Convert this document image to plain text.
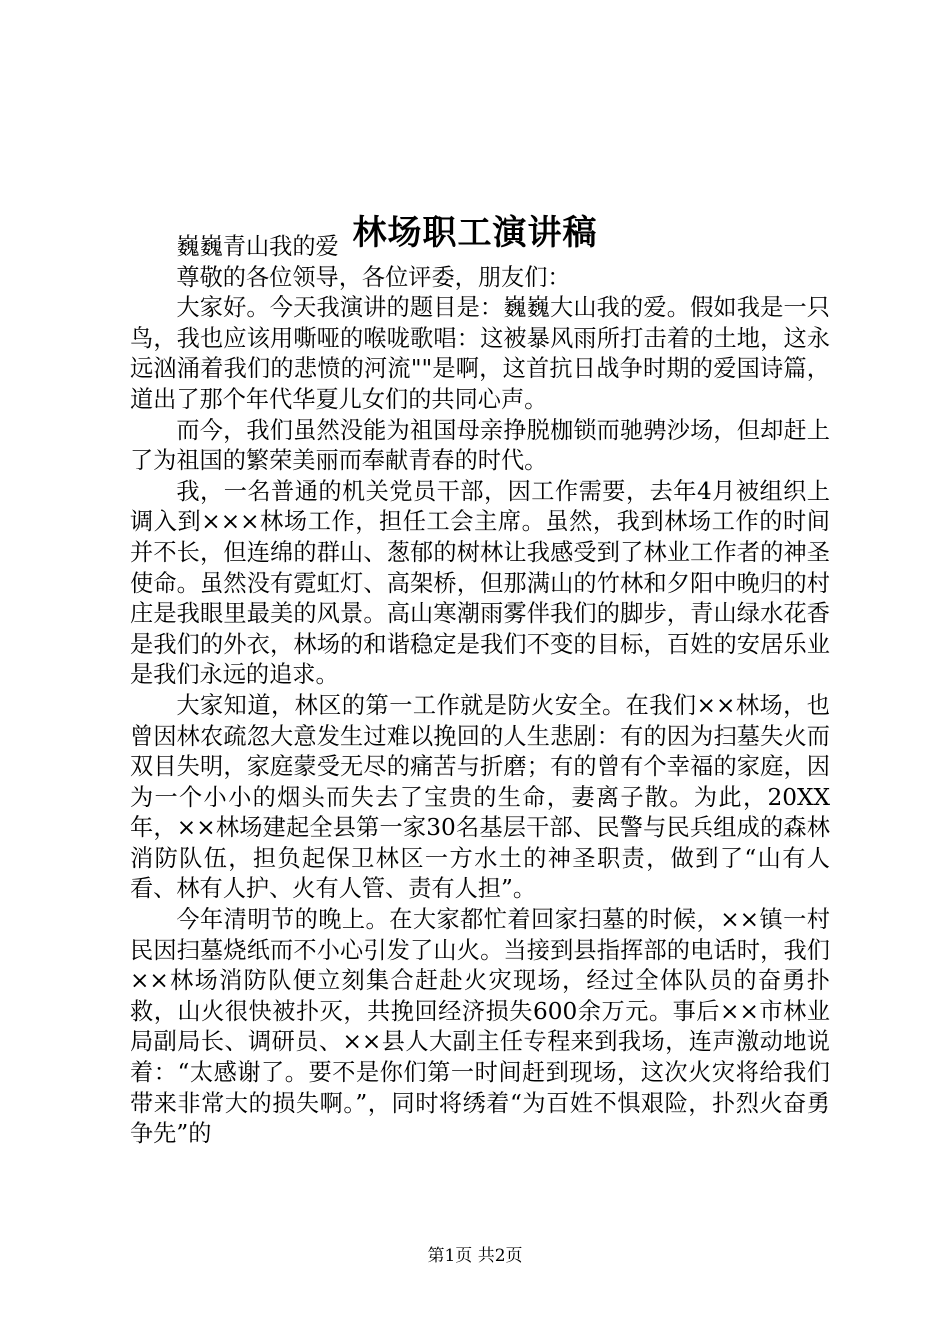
林场职工演讲稿

巍巍青山我的爱

尊敬的各位领导，各位评委，朋友们：

大家好。今天我演讲的题目是：巍巍大山我的爱。假如我是一只鸟，我也应该用嘶哑的喉咙歌唱：这被暴风雨所打击着的土地，这永远汹涌着我们的悲愤的河流""是啊，这首抗日战争时期的爱国诗篇，道出了那个年代华夏儿女们的共同心声。

而今，我们虽然没能为祖国母亲挣脱枷锁而驰骋沙场，但却赶上了为祖国的繁荣美丽而奉献青春的时代。

我，一名普通的机关党员干部，因工作需要，去年4月被组织上调入到×××林场工作，担任工会主席。虽然，我到林场工作的时间并不长，但连绵的群山、葱郁的树林让我感受到了林业工作者的神圣使命。虽然没有霓虹灯、高架桥，但那满山的竹林和夕阳中晚归的村庄是我眼里最美的风景。高山寒潮雨雾伴我们的脚步，青山绿水花香是我们的外衣，林场的和谐稳定是我们不变的目标，百姓的安居乐业是我们永远的追求。

大家知道，林区的第一工作就是防火安全。在我们××林场，也曾因林农疏忽大意发生过难以挽回的人生悲剧：有的因为扫墓失火而双目失明，家庭蒙受无尽的痛苦与折磨；有的曾有个幸福的家庭，因为一个小小的烟头而失去了宝贵的生命，妻离子散。为此，20XX年，××林场建起全县第一家30名基层干部、民警与民兵组成的森林消防队伍，担负起保卫林区一方水土的神圣职责，做到了“山有人看、林有人护、火有人管、责有人担”。

今年清明节的晚上。在大家都忙着回家扫墓的时候，××镇一村民因扫墓烧纸而不小心引发了山火。当接到县指挥部的电话时，我们××林场消防队便立刻集合赶赴火灾现场，经过全体队员的奋勇扑救，山火很快被扑灭，共挽回经济损失600余万元。事后××市林业局副局长、调研员、××县人大副主任专程来到我场，连声激动地说着：“太感谢了。要不是你们第一时间赶到现场，这次火灾将给我们带来非常大的损失啊。”，同时将绣着“为百姓不惧艰险，扑烈火奋勇争先”的

第1页 共2页
